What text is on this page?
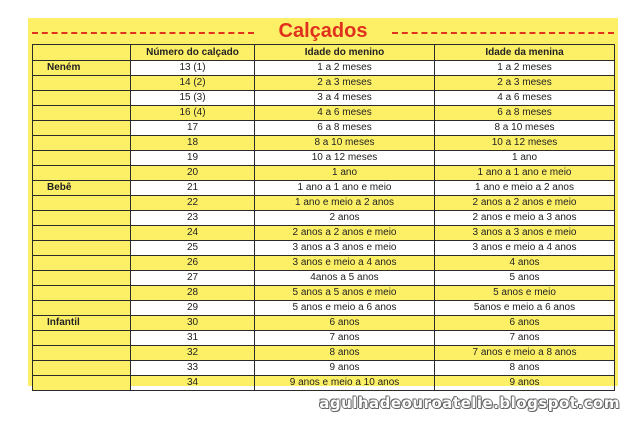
Calçados
	Número do calçado	Idade do menino	Idade da menina
Neném	13 (1)	1 a 2 meses	1 a 2 meses
	14 (2)	2 a 3 meses	2 a 3 meses
	15 (3)	3 a 4 meses	4 a 6 meses
	16 (4)	4 a 6 meses	6 a 8 meses
	17	6 a 8 meses	8 a 10 meses
	18	8 a 10 meses	10 a 12 meses
	19	10 a 12 meses	1 ano
	20	1 ano	1 ano a 1 ano e meio
Bebê	21	1 ano a 1 ano e meio	1 ano e meio a 2 anos
	22	1 ano e meio a 2 anos	2 anos a 2 anos e meio
	23	2 anos	2 anos e meio a 3 anos
	24	2 anos a 2 anos e meio	3 anos a 3 anos e meio
	25	3 anos a 3 anos e meio	3 anos e meio a 4 anos
	26	3 anos e meio a 4 anos	4 anos
	27	4anos a 5 anos	5 anos
	28	5 anos a 5 anos e meio	5 anos e meio
	29	5 anos e meio a 6 anos	5anos e meio a 6 anos
Infantil	30	6 anos	6 anos
	31	7 anos	7 anos
	32	8 anos	7 anos e meio a 8 anos
	33	9 anos	8 anos
	34	9 anos e meio a 10 anos	9 anos
agulhadeouroatelie.blogspot.com
